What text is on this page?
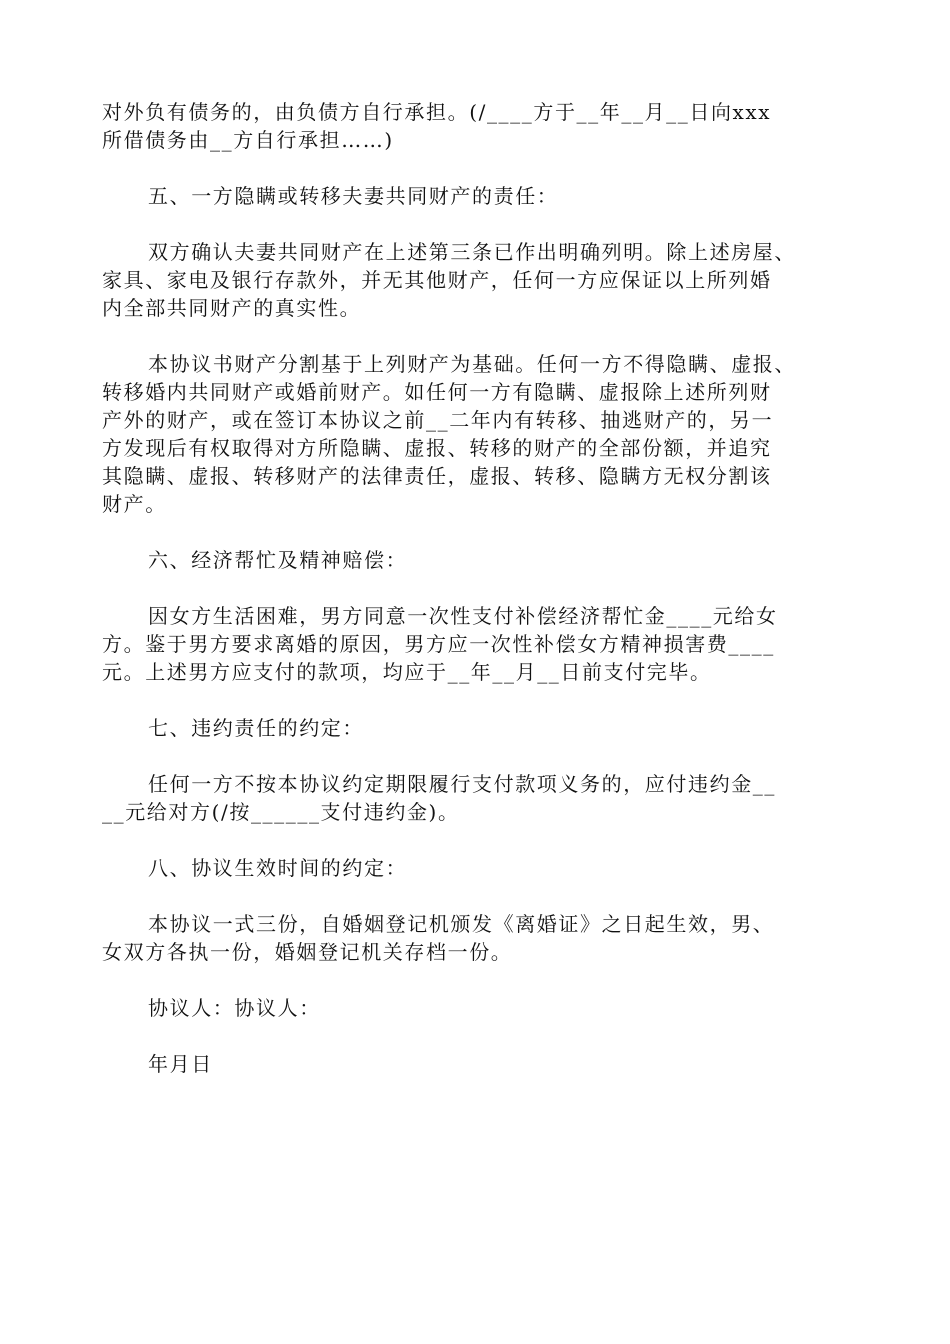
对外负有债务的，由负债方自行承担。(/____方于__年__月__日向xxx
所借债务由__方自行承担……)

五、一方隐瞒或转移夫妻共同财产的责任：

双方确认夫妻共同财产在上述第三条已作出明确列明。除上述房屋、
家具、家电及银行存款外，并无其他财产，任何一方应保证以上所列婚
内全部共同财产的真实性。

本协议书财产分割基于上列财产为基础。任何一方不得隐瞒、虚报、
转移婚内共同财产或婚前财产。如任何一方有隐瞒、虚报除上述所列财
产外的财产，或在签订本协议之前__二年内有转移、抽逃财产的，另一
方发现后有权取得对方所隐瞒、虚报、转移的财产的全部份额，并追究
其隐瞒、虚报、转移财产的法律责任，虚报、转移、隐瞒方无权分割该
财产。

六、经济帮忙及精神赔偿：

因女方生活困难，男方同意一次性支付补偿经济帮忙金____元给女
方。鉴于男方要求离婚的原因，男方应一次性补偿女方精神损害费____
元。上述男方应支付的款项，均应于__年__月__日前支付完毕。

七、违约责任的约定：

任何一方不按本协议约定期限履行支付款项义务的，应付违约金__
__元给对方(/按______支付违约金)。

八、协议生效时间的约定：

本协议一式三份，自婚姻登记机颁发《离婚证》之日起生效，男、
女双方各执一份，婚姻登记机关存档一份。

协议人：协议人：

年月日
